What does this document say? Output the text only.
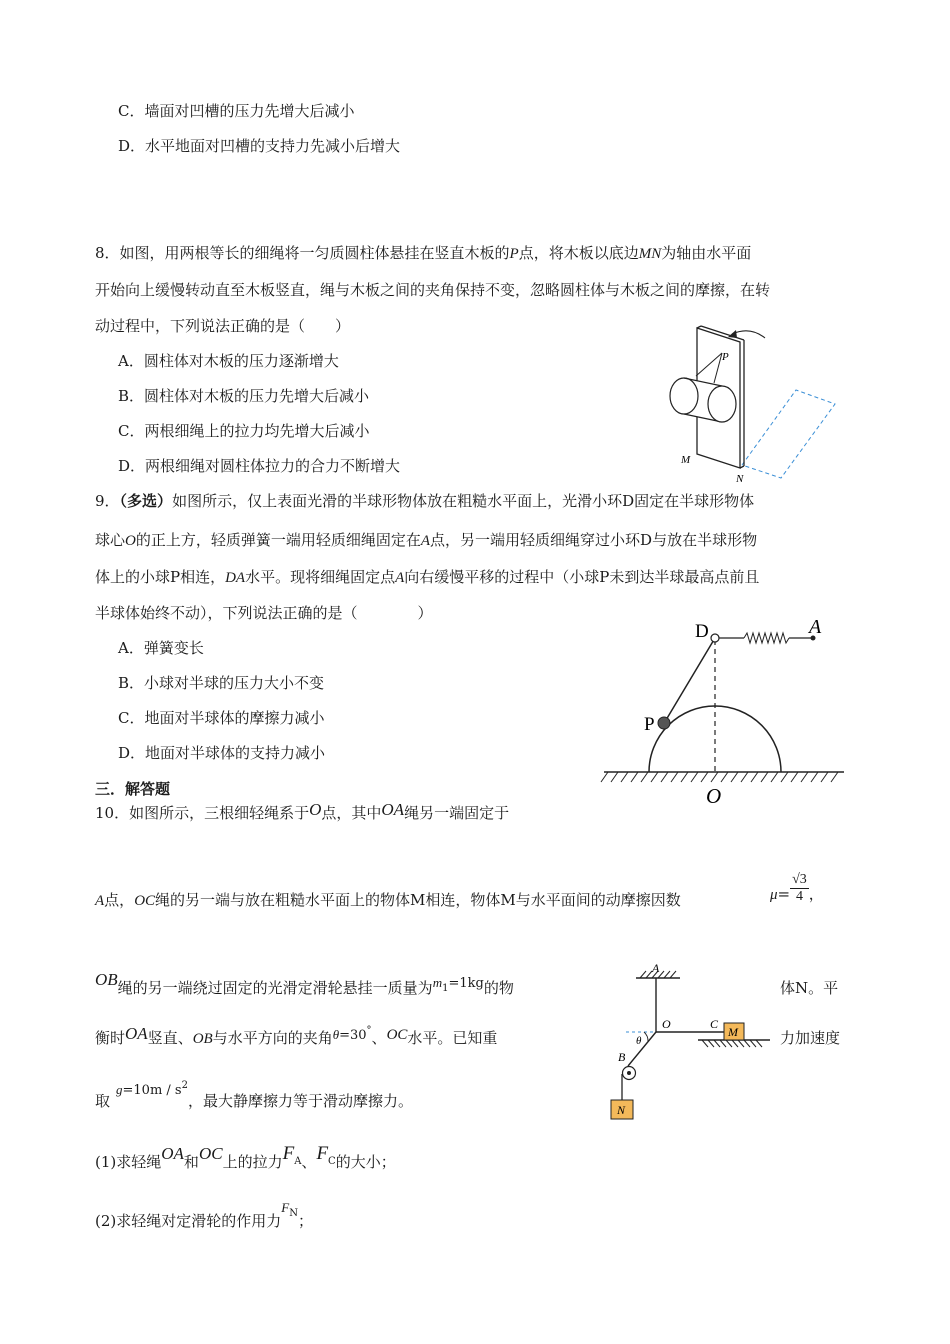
C．墙面对凹槽的压力先增大后减小
D．水平地面对凹槽的支持力先减小后增大
8．如图，用两根等长的细绳将一匀质圆柱体悬挂在竖直木板的P点，将木板以底边MN为轴由水平面
开始向上缓慢转动直至木板竖直，绳与木板之间的夹角保持不变，忽略圆柱体与木板之间的摩擦，在转
动过程中，下列说法正确的是（　　）
A．圆柱体对木板的压力逐渐增大
B．圆柱体对木板的压力先增大后减小
C．两根细绳上的拉力均先增大后减小
D．两根细绳对圆柱体拉力的合力不断增大
P
M
N
9．（多选）如图所示，仅上表面光滑的半球形物体放在粗糙水平面上，光滑小环D固定在半球形物体
球心O的正上方，轻质弹簧一端用轻质细绳固定在A点，另一端用轻质细绳穿过小环D与放在半球形物
体上的小球P相连，DA水平。现将细绳固定点A向右缓慢平移的过程中（小球P未到达半球最高点前且
半球体始终不动），下列说法正确的是（　　　　）
A．弹簧变长
B．小球对半球的压力大小不变
C．地面对半球体的摩擦力减小
D．地面对半球体的支持力减小
D	A
P
O
三．解答题
10．如图所示，三根细轻绳系于O点，其中OA绳另一端固定于
A点，OC绳的另一端与放在粗糙水平面上的物体M相连，物体M与水平面间的动摩擦因数	$\mu= \frac{√3}{4}$ ，
OB绳的另一端绕过固定的光滑定滑轮悬挂一质量为m1=1kg的物	体N。平
衡时OA竖直、OB与水平方向的夹角θ=30°、OC水平。已知重	力加速度
取$g=10m / s^2$，最大静摩擦力等于滑动摩擦力。
(1)求轻绳OA和OC上的拉力$F^A$、$F^C$的大小；
(2)求轻绳对定滑轮的作用力$F^N$；
A
O	C
M
θ
B
N
